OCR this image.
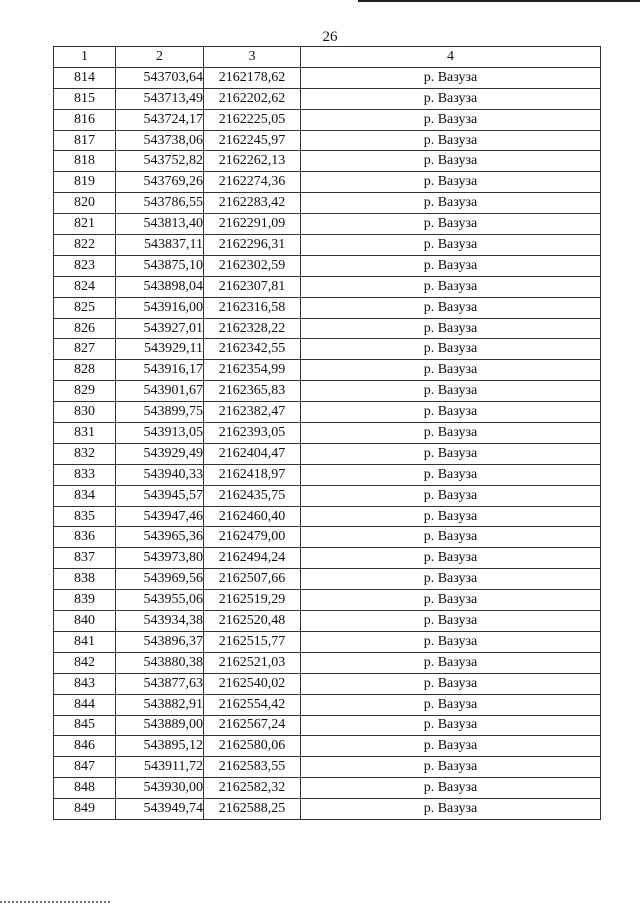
26
1	2	3	4
814	543703,64	2162178,62	р. Вазуза
815	543713,49	2162202,62	р. Вазуза
816	543724,17	2162225,05	р. Вазуза
817	543738,06	2162245,97	р. Вазуза
818	543752,82	2162262,13	р. Вазуза
819	543769,26	2162274,36	р. Вазуза
820	543786,55	2162283,42	р. Вазуза
821	543813,40	2162291,09	р. Вазуза
822	543837,11	2162296,31	р. Вазуза
823	543875,10	2162302,59	р. Вазуза
824	543898,04	2162307,81	р. Вазуза
825	543916,00	2162316,58	р. Вазуза
826	543927,01	2162328,22	р. Вазуза
827	543929,11	2162342,55	р. Вазуза
828	543916,17	2162354,99	р. Вазуза
829	543901,67	2162365,83	р. Вазуза
830	543899,75	2162382,47	р. Вазуза
831	543913,05	2162393,05	р. Вазуза
832	543929,49	2162404,47	р. Вазуза
833	543940,33	2162418,97	р. Вазуза
834	543945,57	2162435,75	р. Вазуза
835	543947,46	2162460,40	р. Вазуза
836	543965,36	2162479,00	р. Вазуза
837	543973,80	2162494,24	р. Вазуза
838	543969,56	2162507,66	р. Вазуза
839	543955,06	2162519,29	р. Вазуза
840	543934,38	2162520,48	р. Вазуза
841	543896,37	2162515,77	р. Вазуза
842	543880,38	2162521,03	р. Вазуза
843	543877,63	2162540,02	р. Вазуза
844	543882,91	2162554,42	р. Вазуза
845	543889,00	2162567,24	р. Вазуза
846	543895,12	2162580,06	р. Вазуза
847	543911,72	2162583,55	р. Вазуза
848	543930,00	2162582,32	р. Вазуза
849	543949,74	2162588,25	р. Вазуза
